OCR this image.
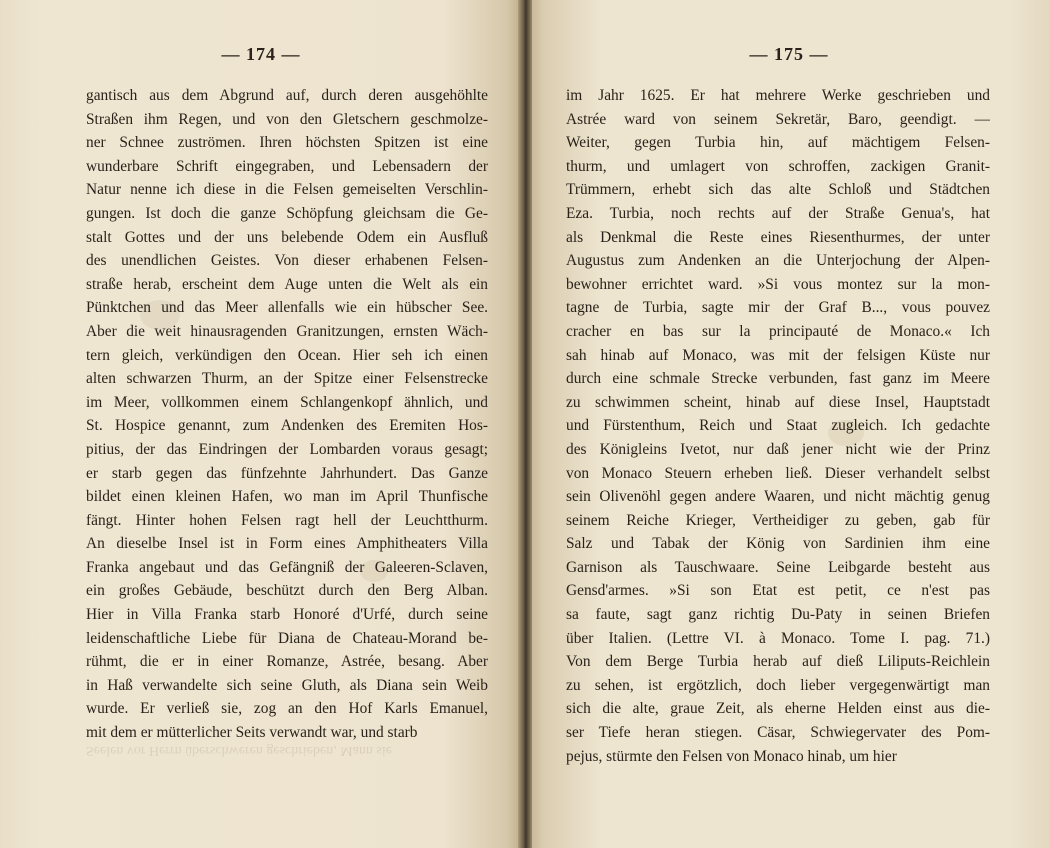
— 174 —
gantisch aus dem Abgrund auf, durch deren ausgehöhlte
Straßen ihm Regen, und von den Gletschern geschmolze-
ner Schnee zuströmen. Ihren höchsten Spitzen ist eine
wunderbare Schrift eingegraben, und Lebensadern der
Natur nenne ich diese in die Felsen gemeiselten Verschlin-
gungen. Ist doch die ganze Schöpfung gleichsam die Ge-
stalt Gottes und der uns belebende Odem ein Ausfluß
des unendlichen Geistes. Von dieser erhabenen Felsen-
straße herab, erscheint dem Auge unten die Welt als ein
Pünktchen und das Meer allenfalls wie ein hübscher See.
Aber die weit hinausragenden Granitzungen, ernsten Wäch-
tern gleich, verkündigen den Ocean. Hier seh ich einen
alten schwarzen Thurm, an der Spitze einer Felsenstrecke
im Meer, vollkommen einem Schlangenkopf ähnlich, und
St. Hospice genannt, zum Andenken des Eremiten Hos-
pitius, der das Eindringen der Lombarden voraus gesagt;
er starb gegen das fünfzehnte Jahrhundert. Das Ganze
bildet einen kleinen Hafen, wo man im April Thunfische
fängt. Hinter hohen Felsen ragt hell der Leuchtthurm.
An dieselbe Insel ist in Form eines Amphitheaters Villa
Franka angebaut und das Gefängniß der Galeeren-Sclaven,
ein großes Gebäude, beschützt durch den Berg Alban.
Hier in Villa Franka starb Honoré d'Urfé, durch seine
leidenschaftliche Liebe für Diana de Chateau-Morand be-
rühmt, die er in einer Romanze, Astrée, besang. Aber
in Haß verwandelte sich seine Gluth, als Diana sein Weib
wurde. Er verließ sie, zog an den Hof Karls Emanuel,
mit dem er mütterlicher Seits verwandt war, und starb
Seelen vor Herrn überschweren geschrieben, Mann sie
— 175 —
im Jahr 1625. Er hat mehrere Werke geschrieben und
Astrée ward von seinem Sekretär, Baro, geendigt. —
Weiter, gegen Turbia hin, auf mächtigem Felsen-
thurm, und umlagert von schroffen, zackigen Granit-
Trümmern, erhebt sich das alte Schloß und Städtchen
Eza. Turbia, noch rechts auf der Straße Genua's, hat
als Denkmal die Reste eines Riesenthurmes, der unter
Augustus zum Andenken an die Unterjochung der Alpen-
bewohner errichtet ward. »Si vous montez sur la mon-
tagne de Turbia, sagte mir der Graf B..., vous pouvez
cracher en bas sur la principauté de Monaco.« Ich
sah hinab auf Monaco, was mit der felsigen Küste nur
durch eine schmale Strecke verbunden, fast ganz im Meere
zu schwimmen scheint, hinab auf diese Insel, Hauptstadt
und Fürstenthum, Reich und Staat zugleich. Ich gedachte
des Königleins Ivetot, nur daß jener nicht wie der Prinz
von Monaco Steuern erheben ließ. Dieser verhandelt selbst
sein Olivenöhl gegen andere Waaren, und nicht mächtig genug
seinem Reiche Krieger, Vertheidiger zu geben, gab für
Salz und Tabak der König von Sardinien ihm eine
Garnison als Tauschwaare. Seine Leibgarde besteht aus
Gensd'armes. »Si son Etat est petit, ce n'est pas
sa faute, sagt ganz richtig Du-Paty in seinen Briefen
über Italien. (Lettre VI. à Monaco. Tome I. pag. 71.)
Von dem Berge Turbia herab auf dieß Liliputs-Reichlein
zu sehen, ist ergötzlich, doch lieber vergegenwärtigt man
sich die alte, graue Zeit, als eherne Helden einst aus die-
ser Tiefe heran stiegen. Cäsar, Schwiegervater des Pom-
pejus, stürmte den Felsen von Monaco hinab, um hier
